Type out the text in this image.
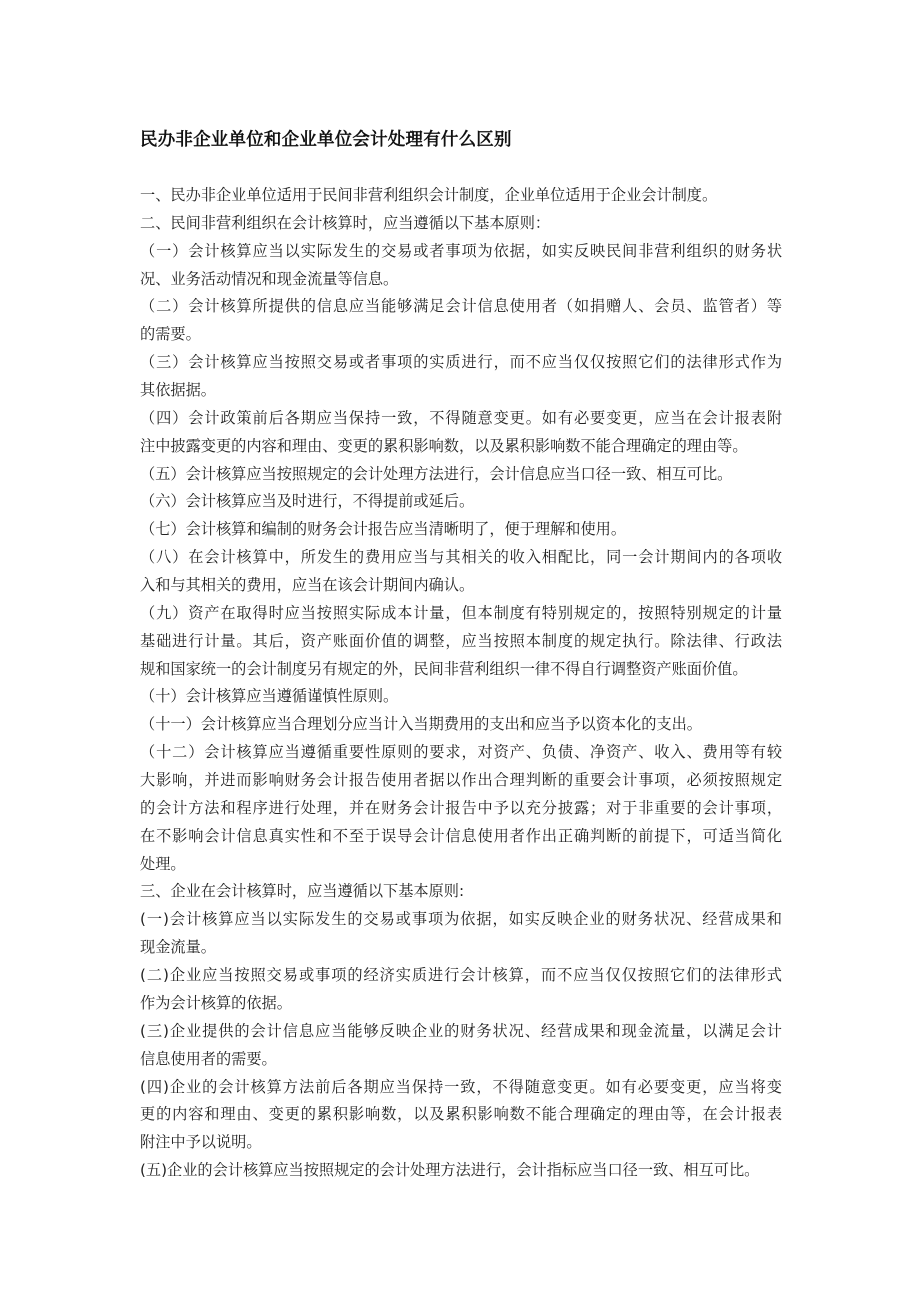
民办非企业单位和企业单位会计处理有什么区别
一、民办非企业单位适用于民间非营利组织会计制度，企业单位适用于企业会计制度。
二、民间非营利组织在会计核算时，应当遵循以下基本原则：
（一）会计核算应当以实际发生的交易或者事项为依据，如实反映民间非营利组织的财务状
况、业务活动情况和现金流量等信息。
（二）会计核算所提供的信息应当能够满足会计信息使用者（如捐赠人、会员、监管者）等
的需要。
（三）会计核算应当按照交易或者事项的实质进行，而不应当仅仅按照它们的法律形式作为
其依据据。
（四）会计政策前后各期应当保持一致，不得随意变更。如有必要变更，应当在会计报表附
注中披露变更的内容和理由、变更的累积影响数，以及累积影响数不能合理确定的理由等。
（五）会计核算应当按照规定的会计处理方法进行，会计信息应当口径一致、相互可比。
（六）会计核算应当及时进行，不得提前或延后。
（七）会计核算和编制的财务会计报告应当清晰明了，便于理解和使用。
（八）在会计核算中，所发生的费用应当与其相关的收入相配比，同一会计期间内的各项收
入和与其相关的费用，应当在该会计期间内确认。
（九）资产在取得时应当按照实际成本计量，但本制度有特别规定的，按照特别规定的计量
基础进行计量。其后，资产账面价值的调整，应当按照本制度的规定执行。除法律、行政法
规和国家统一的会计制度另有规定的外，民间非营利组织一律不得自行调整资产账面价值。
（十）会计核算应当遵循谨慎性原则。
（十一）会计核算应当合理划分应当计入当期费用的支出和应当予以资本化的支出。
（十二）会计核算应当遵循重要性原则的要求，对资产、负债、净资产、收入、费用等有较
大影响，并进而影响财务会计报告使用者据以作出合理判断的重要会计事项，必须按照规定
的会计方法和程序进行处理，并在财务会计报告中予以充分披露；对于非重要的会计事项，
在不影响会计信息真实性和不至于误导会计信息使用者作出正确判断的前提下，可适当简化
处理。
三、企业在会计核算时，应当遵循以下基本原则:
(一)会计核算应当以实际发生的交易或事项为依据，如实反映企业的财务状况、经营成果和
现金流量。
(二)企业应当按照交易或事项的经济实质进行会计核算，而不应当仅仅按照它们的法律形式
作为会计核算的依据。
(三)企业提供的会计信息应当能够反映企业的财务状况、经营成果和现金流量，以满足会计
信息使用者的需要。
(四)企业的会计核算方法前后各期应当保持一致，不得随意变更。如有必要变更，应当将变
更的内容和理由、变更的累积影响数，以及累积影响数不能合理确定的理由等，在会计报表
附注中予以说明。
(五)企业的会计核算应当按照规定的会计处理方法进行，会计指标应当口径一致、相互可比。
